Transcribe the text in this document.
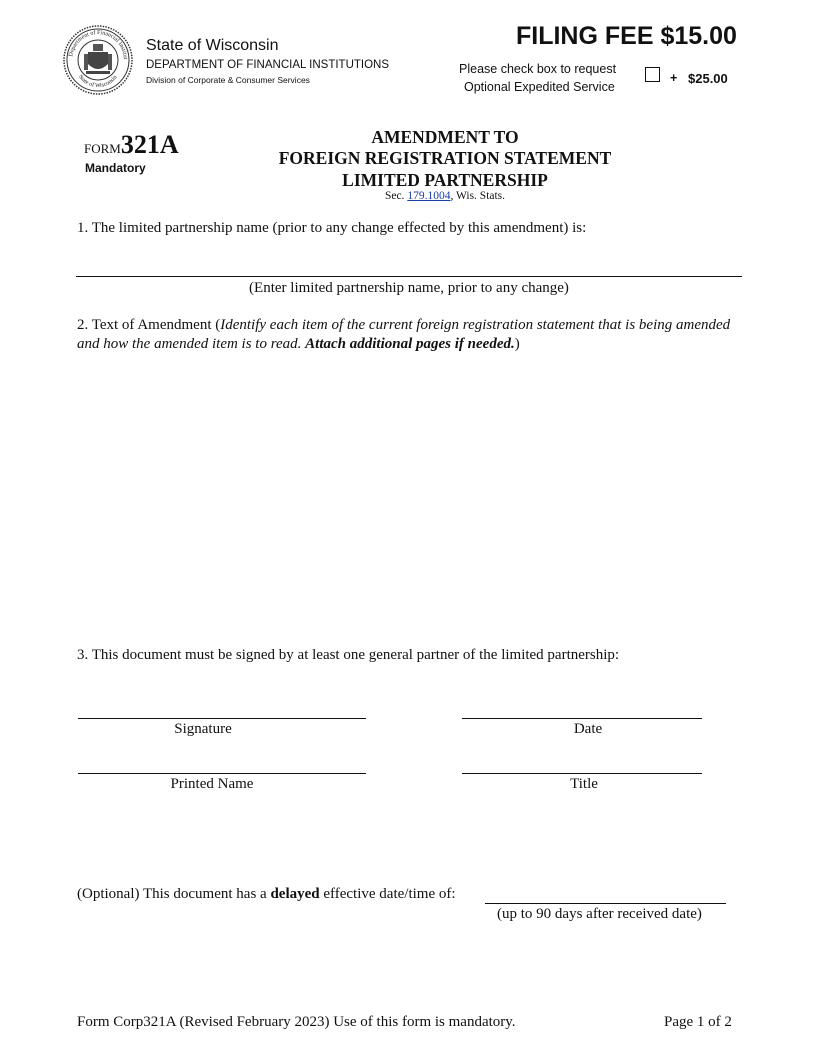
Department of Financial Institut
State of Wisconsin
State of Wisconsin
DEPARTMENT OF FINANCIAL INSTITUTIONS
Division of Corporate & Consumer Services
FILING FEE $15.00
Please check box to request
Optional Expedited Service
+ $25.00
FORM321A
Mandatory
AMENDMENT TO
FOREIGN REGISTRATION STATEMENT
LIMITED PARTNERSHIP
Sec. 179.1004, Wis. Stats.
1. The limited partnership name (prior to any change effected by this amendment) is:
(Enter limited partnership name, prior to any change)
2. Text of Amendment (Identify each item of the current foreign registration statement that is being amended and how the amended item is to read. Attach additional pages if needed.)
3. This document must be signed by at least one general partner of the limited partnership:
Signature	Date
Printed Name	Title
(Optional) This document has a delayed effective date/time of:
(up to 90 days after received date)
Form Corp321A (Revised February 2023) Use of this form is mandatory.	Page 1 of 2
